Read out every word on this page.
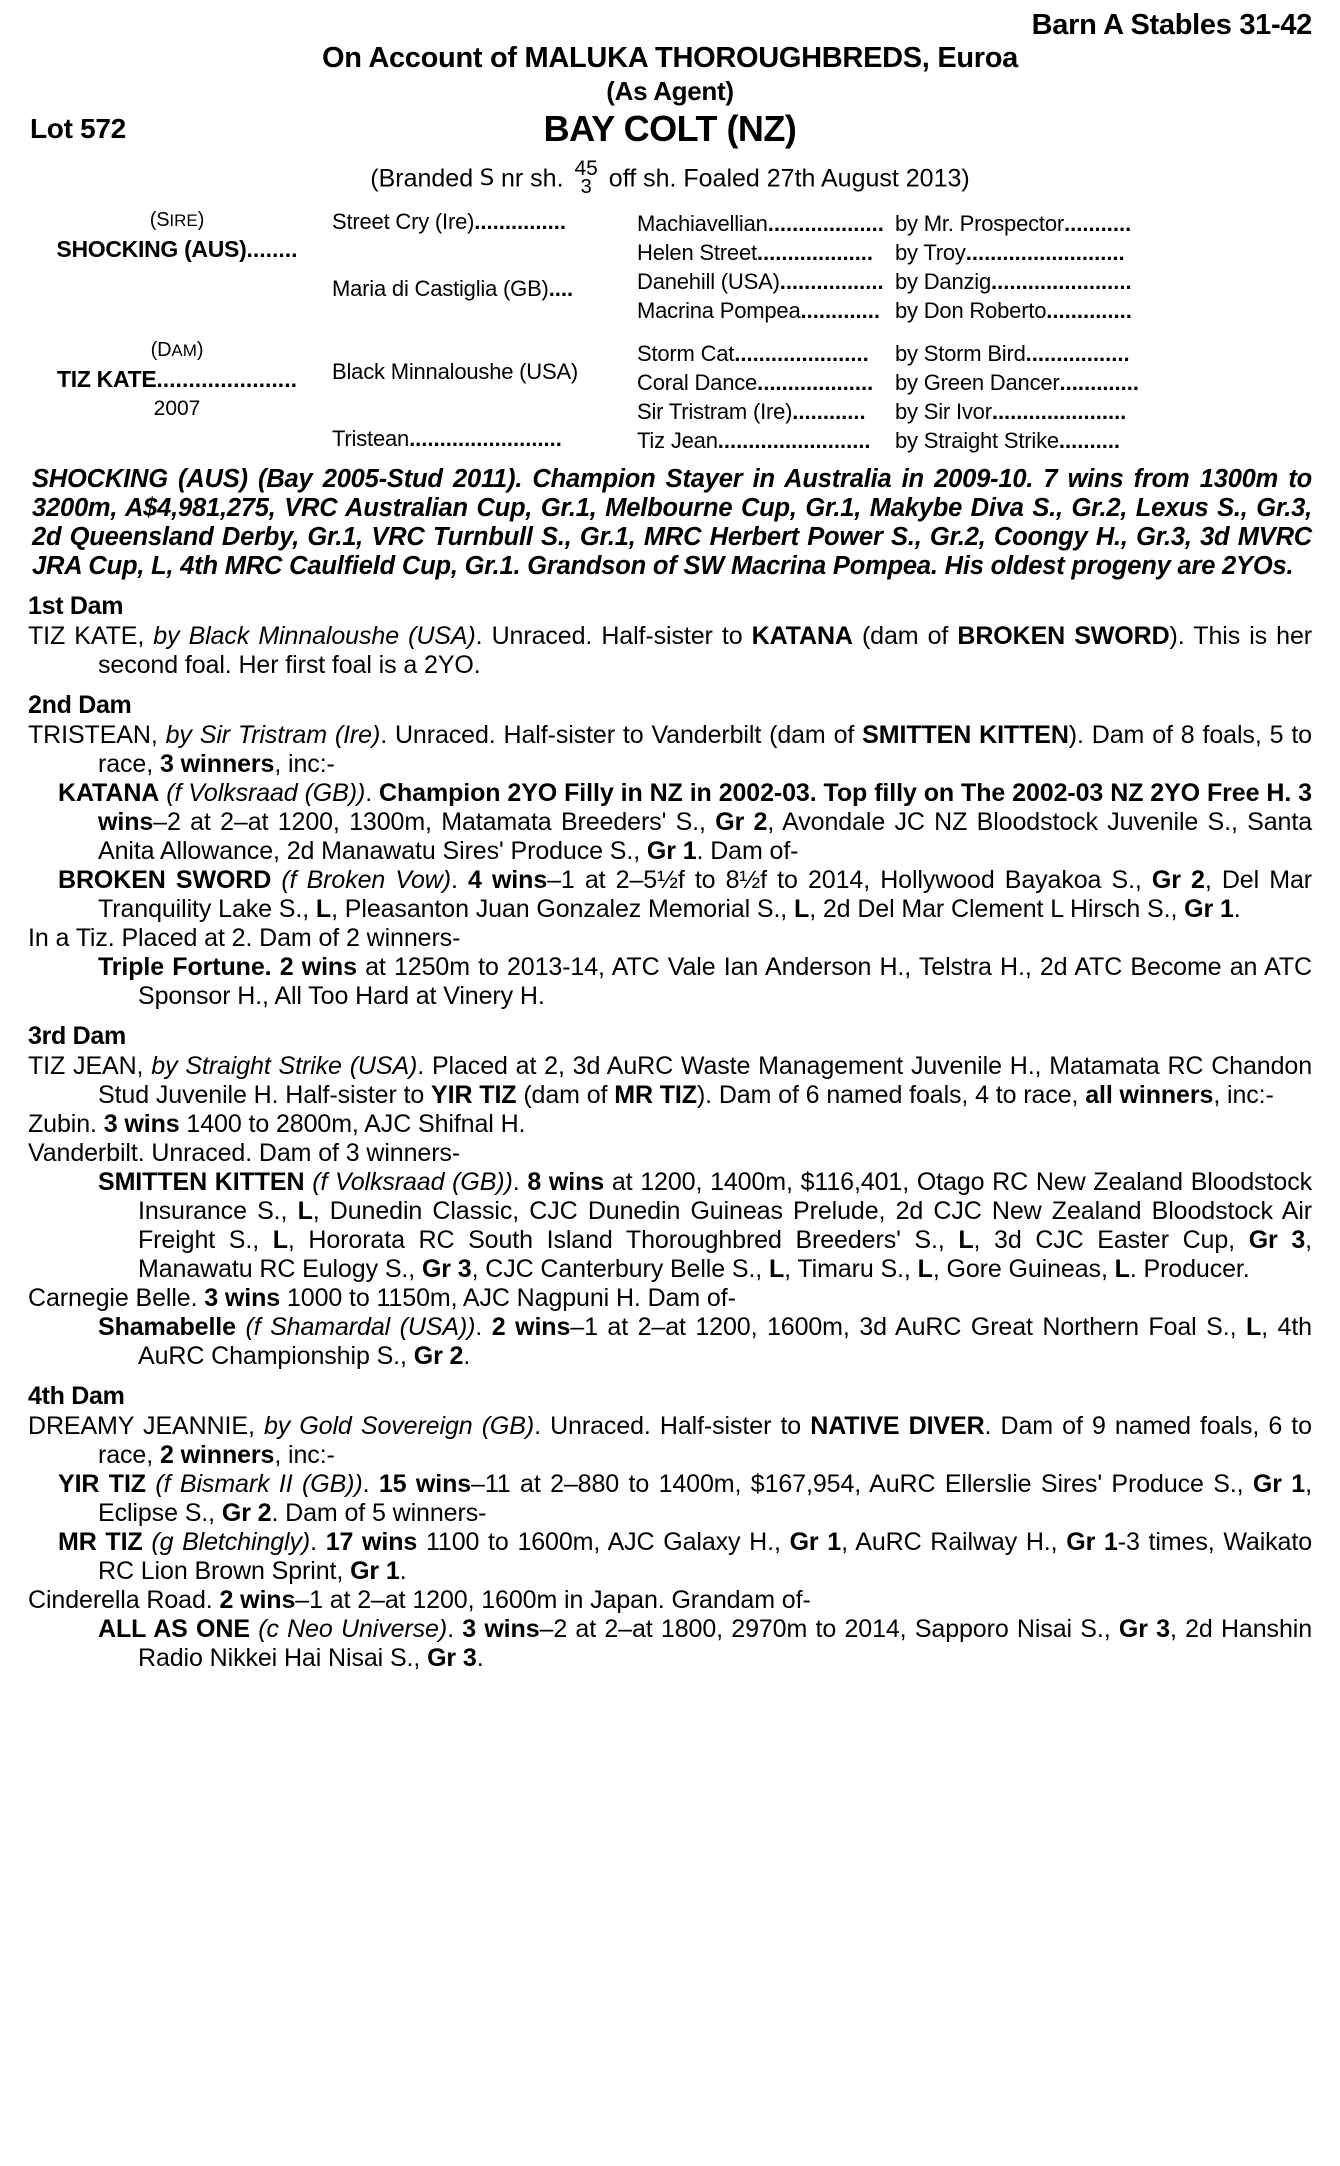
Barn A Stables 31-42
On Account of MALUKA THOROUGHBREDS, Euroa
(As Agent)
Lot 572	BAY COLT (NZ)
(Branded S nr sh. 45
3 off sh. Foaled 27th August 2013)
(SIRE)
SHOCKING (AUS)........
Street Cry (Ire)...............
Maria di Castiglia (GB)....
Machiavellian................... by Mr. Prospector...........
Helen Street................... by Troy..........................
Danehill (USA)................. by Danzig.......................
Macrina Pompea............. by Don Roberto..............
(DAM)
TIZ KATE......................
2007
Black Minnaloushe (USA)
Tristean.........................
Storm Cat......................	by Storm Bird.................
Coral Dance................... by Green Dancer.............
Sir Tristram (Ire)............	by Sir Ivor......................
Tiz Jean.........................	by Straight Strike..........
SHOCKING (AUS) (Bay 2005-Stud 2011). Champion Stayer in Australia in 2009-10. 7 wins from 1300m to 3200m, A$4,981,275, VRC Australian Cup, Gr.1, Melbourne Cup, Gr.1, Makybe Diva S., Gr.2, Lexus S., Gr.3, 2d Queensland Derby, Gr.1, VRC Turnbull S., Gr.1, MRC Herbert Power S., Gr.2, Coongy H., Gr.3, 3d MVRC JRA Cup, L, 4th MRC Caulfield Cup, Gr.1. Grandson of SW Macrina Pompea. His oldest progeny are 2YOs.
1st Dam

TIZ KATE, by Black Minnaloushe (USA). Unraced. Half-sister to KATANA (dam of BROKEN SWORD). This is her second foal. Her first foal is a 2YO.

2nd Dam

TRISTEAN, by Sir Tristram (Ire). Unraced. Half-sister to Vanderbilt (dam of SMITTEN KITTEN). Dam of 8 foals, 5 to race, 3 winners, inc:-

KATANA (f Volksraad (GB)). Champion 2YO Filly in NZ in 2002-03. Top filly on The 2002-03 NZ 2YO Free H. 3 wins–2 at 2–at 1200, 1300m, Matamata Breeders' S., Gr 2, Avondale JC NZ Bloodstock Juvenile S., Santa Anita Allowance, 2d Manawatu Sires' Produce S., Gr 1. Dam of-

BROKEN SWORD (f Broken Vow). 4 wins–1 at 2–5½f to 8½f to 2014, Hollywood Bayakoa S., Gr 2, Del Mar Tranquility Lake S., L, Pleasanton Juan Gonzalez Memorial S., L, 2d Del Mar Clement L Hirsch S., Gr 1.

In a Tiz. Placed at 2. Dam of 2 winners-

Triple Fortune. 2 wins at 1250m to 2013-14, ATC Vale Ian Anderson H., Telstra H., 2d ATC Become an ATC Sponsor H., All Too Hard at Vinery H.

3rd Dam

TIZ JEAN, by Straight Strike (USA). Placed at 2, 3d AuRC Waste Management Juvenile H., Matamata RC Chandon Stud Juvenile H. Half-sister to YIR TIZ (dam of MR TIZ). Dam of 6 named foals, 4 to race, all winners, inc:-

Zubin. 3 wins 1400 to 2800m, AJC Shifnal H.

Vanderbilt. Unraced. Dam of 3 winners-

SMITTEN KITTEN (f Volksraad (GB)). 8 wins at 1200, 1400m, $116,401, Otago RC New Zealand Bloodstock Insurance S., L, Dunedin Classic, CJC Dunedin Guineas Prelude, 2d CJC New Zealand Bloodstock Air Freight S., L, Hororata RC South Island Thoroughbred Breeders' S., L, 3d CJC Easter Cup, Gr 3, Manawatu RC Eulogy S., Gr 3, CJC Canterbury Belle S., L, Timaru S., L, Gore Guineas, L. Producer.

Carnegie Belle. 3 wins 1000 to 1150m, AJC Nagpuni H. Dam of-

Shamabelle (f Shamardal (USA)). 2 wins–1 at 2–at 1200, 1600m, 3d AuRC Great Northern Foal S., L, 4th AuRC Championship S., Gr 2.

4th Dam

DREAMY JEANNIE, by Gold Sovereign (GB). Unraced. Half-sister to NATIVE DIVER. Dam of 9 named foals, 6 to race, 2 winners, inc:-

YIR TIZ (f Bismark II (GB)). 15 wins–11 at 2–880 to 1400m, $167,954, AuRC Ellerslie Sires' Produce S., Gr 1, Eclipse S., Gr 2. Dam of 5 winners-

MR TIZ (g Bletchingly). 17 wins 1100 to 1600m, AJC Galaxy H., Gr 1, AuRC Railway H., Gr 1-3 times, Waikato RC Lion Brown Sprint, Gr 1.

Cinderella Road. 2 wins–1 at 2–at 1200, 1600m in Japan. Grandam of-

ALL AS ONE (c Neo Universe). 3 wins–2 at 2–at 1800, 2970m to 2014, Sapporo Nisai S., Gr 3, 2d Hanshin Radio Nikkei Hai Nisai S., Gr 3.
